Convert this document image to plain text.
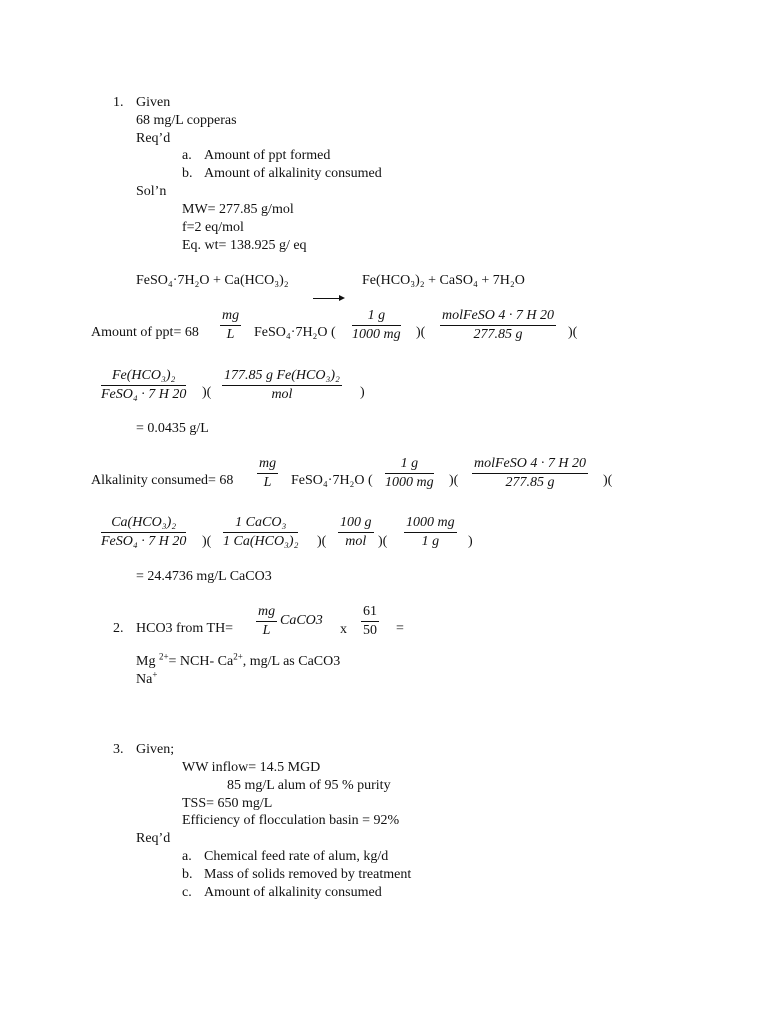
1. Given
68 mg/L copperas
Req’d
a. Amount of ppt formed
b. Amount of alkalinity consumed
Sol’n
MW= 277.85 g/mol
f=2 eq/mol
Eq. wt= 138.925 g/ eq
FeSO₄·7H₂O + Ca(HCO₃)₂	Fe(HCO₃)₂ + CaSO₄ + 7H₂O
Amount of $ppt= 68 \frac{mg}{L}$ FeSO₄·7H₂O ( $\frac{1 g}{1000 mg}$ )(
molFeSO 4 · 7 H 20
277.85 g	)(
Fe(HCO₃)₂
FeSO₄ · 7 H 20 )(
177.85 g Fe(HCO₃)₂
mol	)
= 0.0435 g/L
Alkalinity consumed= $68 \frac{mg}{L}$ FeSO₄·7H₂O ( $\frac{1 g}{1000 mg}$ )(
molFeSO 4 · 7 H 20
277.85 g	)(
Ca(HCO₃)₂
FeSO₄ · 7 H 20 )(
1 CaCO₃
1 Ca(HCO₃)₂ )(
100 g
mol )( $\frac{1000 mg}{1 g}$ )
= 24.4736 mg/L CaCO3
2. HCO3 from $TH= \frac{mg}{L}$ CaCO3
x $\frac{61}{50}$ =
Mg $^{2+}$= NCH- $Ca^{2+}$, mg/L as CaCO3
Na+
3. Given;
WW inflow= 14.5 MGD
85 mg/L alum of 95 % purity
TSS= 650 mg/L
Efficiency of flocculation basin = 92%
Req’d
a. Chemical feed rate of alum, kg/d
b. Mass of solids removed by treatment
c. Amount of alkalinity consumed
